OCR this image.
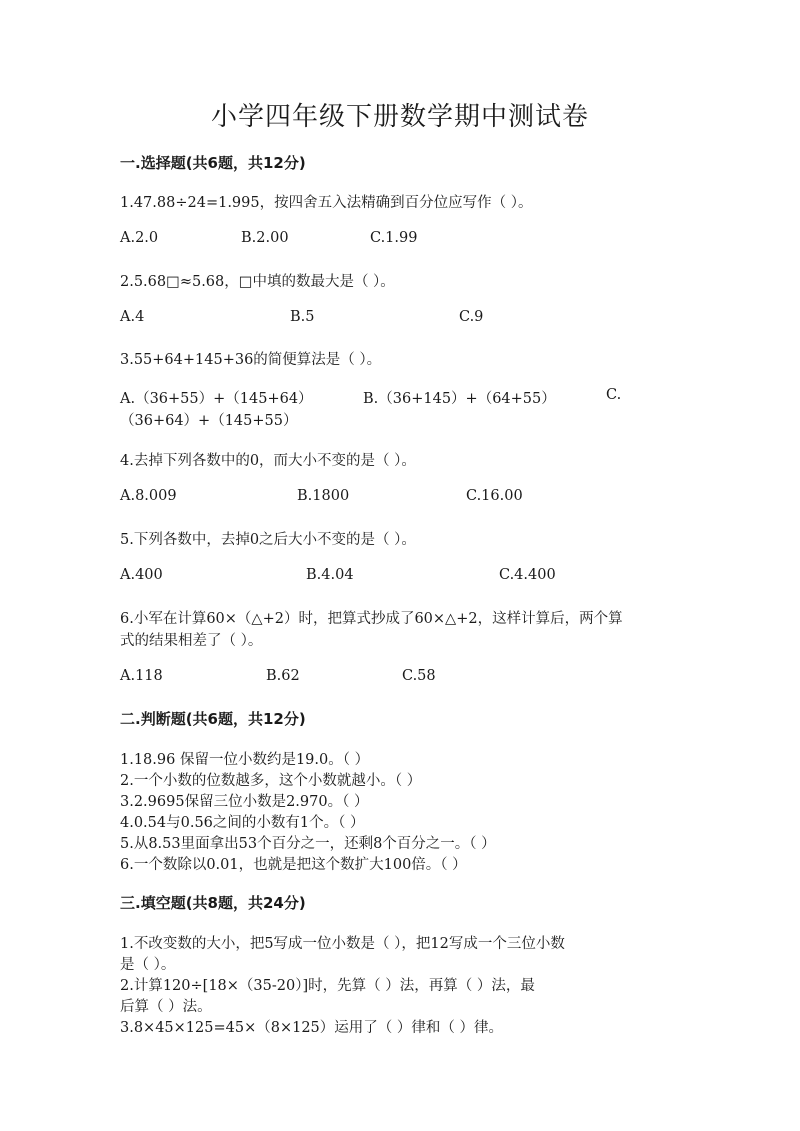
小学四年级下册数学期中测试卷
一.选择题(共6题，共12分)
1.47.88÷24=1.995，按四舍五入法精确到百分位应写作（ ）。
A.2.0	B.2.00	C.1.99
2.5.68□≈5.68，□中填的数最大是（ ）。
A.4	B.5	C.9
3.55+64+145+36的简便算法是（ ）。
A.（36+55）+（145+64）	B.（36+145）+（64+55）	C.
（36+64）+（145+55）
4.去掉下列各数中的0，而大小不变的是（ ）。
A.8.009	B.1800	C.16.00
5.下列各数中，去掉0之后大小不变的是（ ）。
A.400	B.4.04	C.4.400
6.小军在计算60×（△+2）时，把算式抄成了60×△+2，这样计算后，两个算
式的结果相差了（ ）。
A.118	B.62	C.58
二.判断题(共6题，共12分)
1.18.96 保留一位小数约是19.0。（ ）
2.一个小数的位数越多，这个小数就越小。（ ）
3.2.9695保留三位小数是2.970。（ ）
4.0.54与0.56之间的小数有1个。（ ）
5.从8.53里面拿出53个百分之一，还剩8个百分之一。（ ）
6.一个数除以0.01，也就是把这个数扩大100倍。（ ）
三.填空题(共8题，共24分)
1.不改变数的大小，把5写成一位小数是（ ），把12写成一个三位小数
是（ ）。
2.计算120÷[18×（35-20）]时，先算（ ）法，再算（ ）法，最
后算（ ）法。
3.8×45×125=45×（8×125）运用了（ ）律和（ ）律。
